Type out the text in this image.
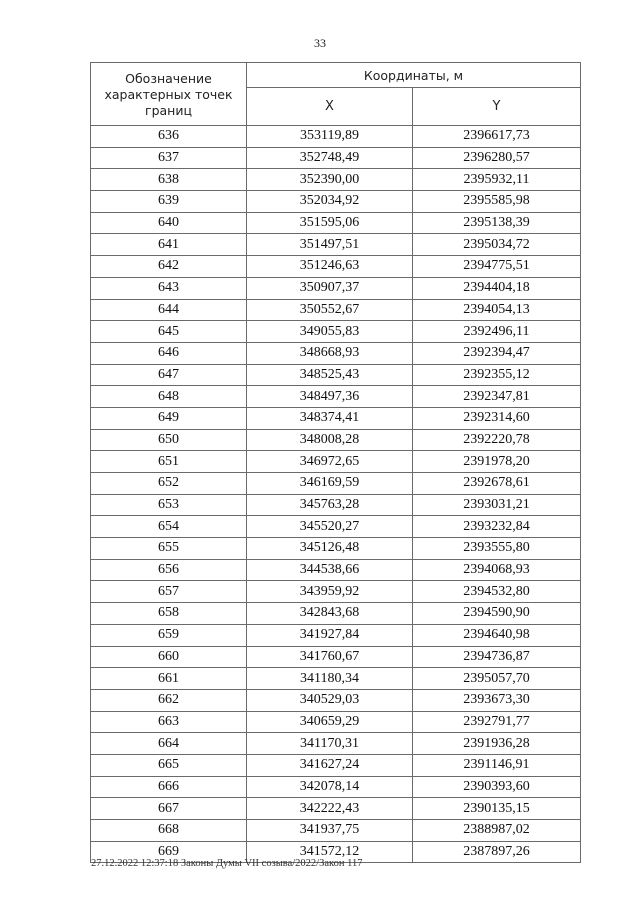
33
Обозначение характерных точек границ	Координаты, м	
	X	Y
636	353119,89	2396617,73
637	352748,49	2396280,57
638	352390,00	2395932,11
639	352034,92	2395585,98
640	351595,06	2395138,39
641	351497,51	2395034,72
642	351246,63	2394775,51
643	350907,37	2394404,18
644	350552,67	2394054,13
645	349055,83	2392496,11
646	348668,93	2392394,47
647	348525,43	2392355,12
648	348497,36	2392347,81
649	348374,41	2392314,60
650	348008,28	2392220,78
651	346972,65	2391978,20
652	346169,59	2392678,61
653	345763,28	2393031,21
654	345520,27	2393232,84
655	345126,48	2393555,80
656	344538,66	2394068,93
657	343959,92	2394532,80
658	342843,68	2394590,90
659	341927,84	2394640,98
660	341760,67	2394736,87
661	341180,34	2395057,70
662	340529,03	2393673,30
663	340659,29	2392791,77
664	341170,31	2391936,28
665	341627,24	2391146,91
666	342078,14	2390393,60
667	342222,43	2390135,15
668	341937,75	2388987,02
669	341572,12	2387897,26
27.12.2022 12:37:18 Законы Думы VII созыва/2022/Закон 117
